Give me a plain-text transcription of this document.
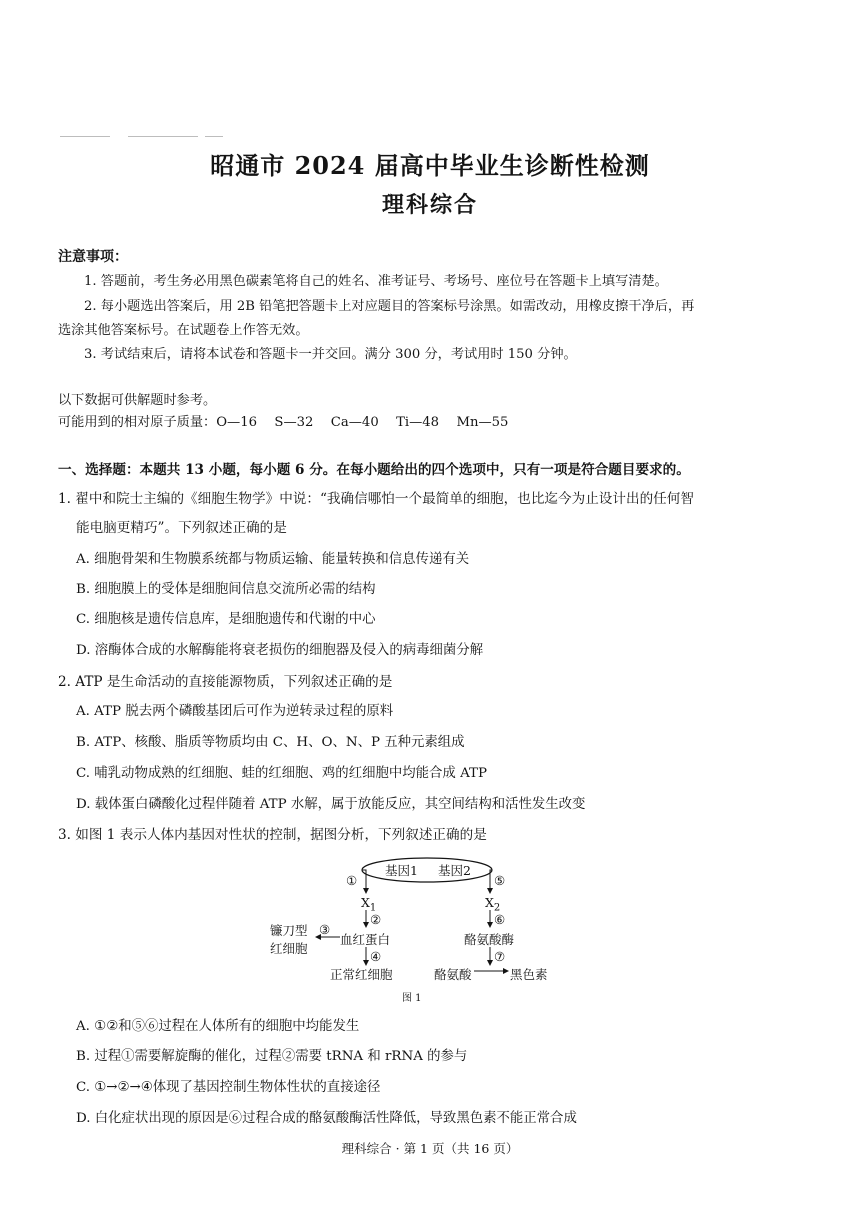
昭通市 2024 届高中毕业生诊断性检测
理科综合
注意事项：
1. 答题前，考生务必用黑色碳素笔将自己的姓名、准考证号、考场号、座位号在答题卡上填写清楚。
2. 每小题选出答案后，用 2B 铅笔把答题卡上对应题目的答案标号涂黑。如需改动，用橡皮擦干净后，再
选涂其他答案标号。在试题卷上作答无效。
3. 考试结束后，请将本试卷和答题卡一并交回。满分 300 分，考试用时 150 分钟。
以下数据可供解题时参考。
可能用到的相对原子质量：O—16　 S—32　 Ca—40　 Ti—48　 Mn—55
一、选择题：本题共 13 小题，每小题 6 分。在每小题给出的四个选项中，只有一项是符合题目要求的。
1. 翟中和院士主编的《细胞生物学》中说：“我确信哪怕一个最简单的细胞，也比迄今为止设计出的任何智
能电脑更精巧”。下列叙述正确的是
A. 细胞骨架和生物膜系统都与物质运输、能量转换和信息传递有关
B. 细胞膜上的受体是细胞间信息交流所必需的结构
C. 细胞核是遗传信息库，是细胞遗传和代谢的中心
D. 溶酶体合成的水解酶能将衰老损伤的细胞器及侵入的病毒细菌分解
2. ATP 是生命活动的直接能源物质，下列叙述正确的是
A. ATP 脱去两个磷酸基团后可作为逆转录过程的原料
B. ATP、核酸、脂质等物质均由 C、H、O、N、P 五种元素组成
C. 哺乳动物成熟的红细胞、蛙的红细胞、鸡的红细胞中均能合成 ATP
D. 载体蛋白磷酸化过程伴随着 ATP 水解，属于放能反应，其空间结构和活性发生改变
3. 如图 1 表示人体内基因对性状的控制，据图分析，下列叙述正确的是
基因1 基因2
①	⑤
$X_1$	$X_2$
②	⑥
镰刀型
红细胞
③
血红蛋白	酪氨酸酶
④	⑦
正常红细胞	酪氨酸	黑色素
图 1
A. ①②和⑤⑥过程在人体所有的细胞中均能发生
B. 过程①需要解旋酶的催化，过程②需要 tRNA 和 rRNA 的参与
C. ①→②→④体现了基因控制生物体性状的直接途径
D. 白化症状出现的原因是⑥过程合成的酪氨酸酶活性降低，导致黑色素不能正常合成
理科综合 · 第 1 页（共 16 页）
